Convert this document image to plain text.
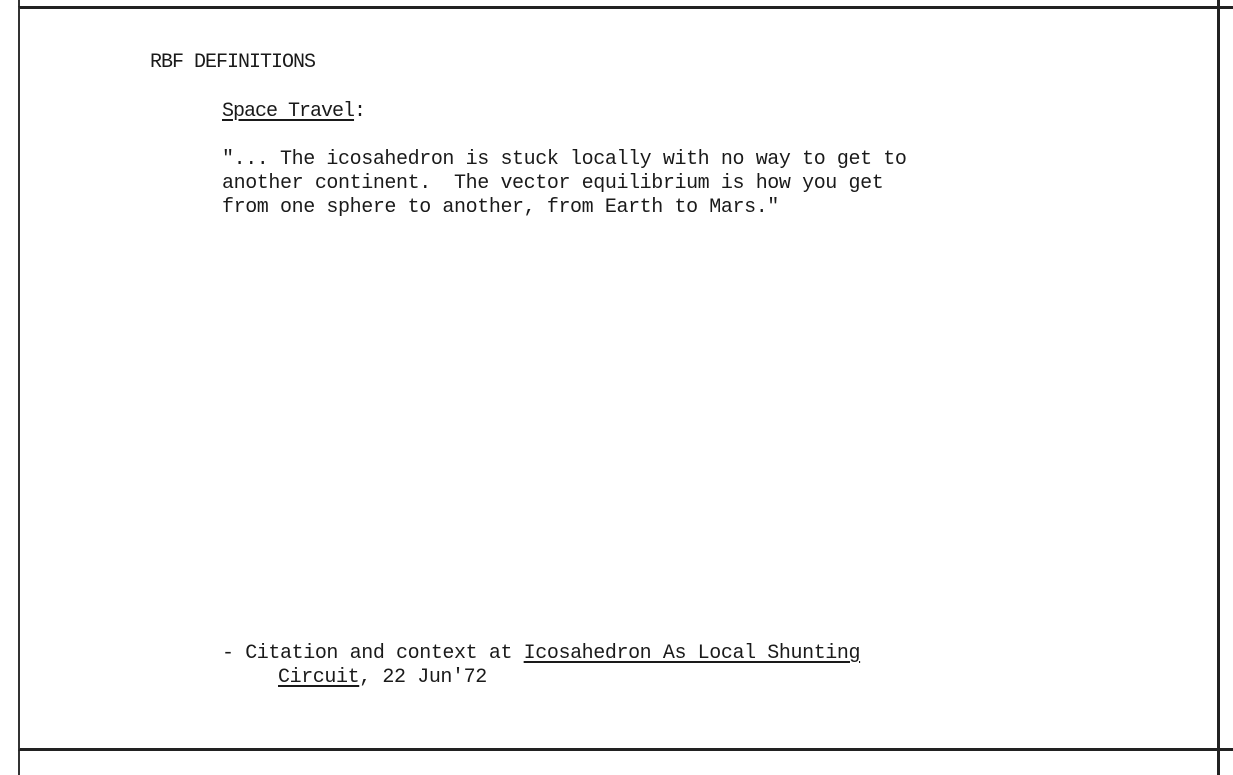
RBF DEFINITIONS
Space Travel:
"... The icosahedron is stuck locally with no way to get to
another continent.  The vector equilibrium is how you get
from one sphere to another, from Earth to Mars."
- Citation and context at Icosahedron As Local Shunting
Circuit, 22 Jun'72
